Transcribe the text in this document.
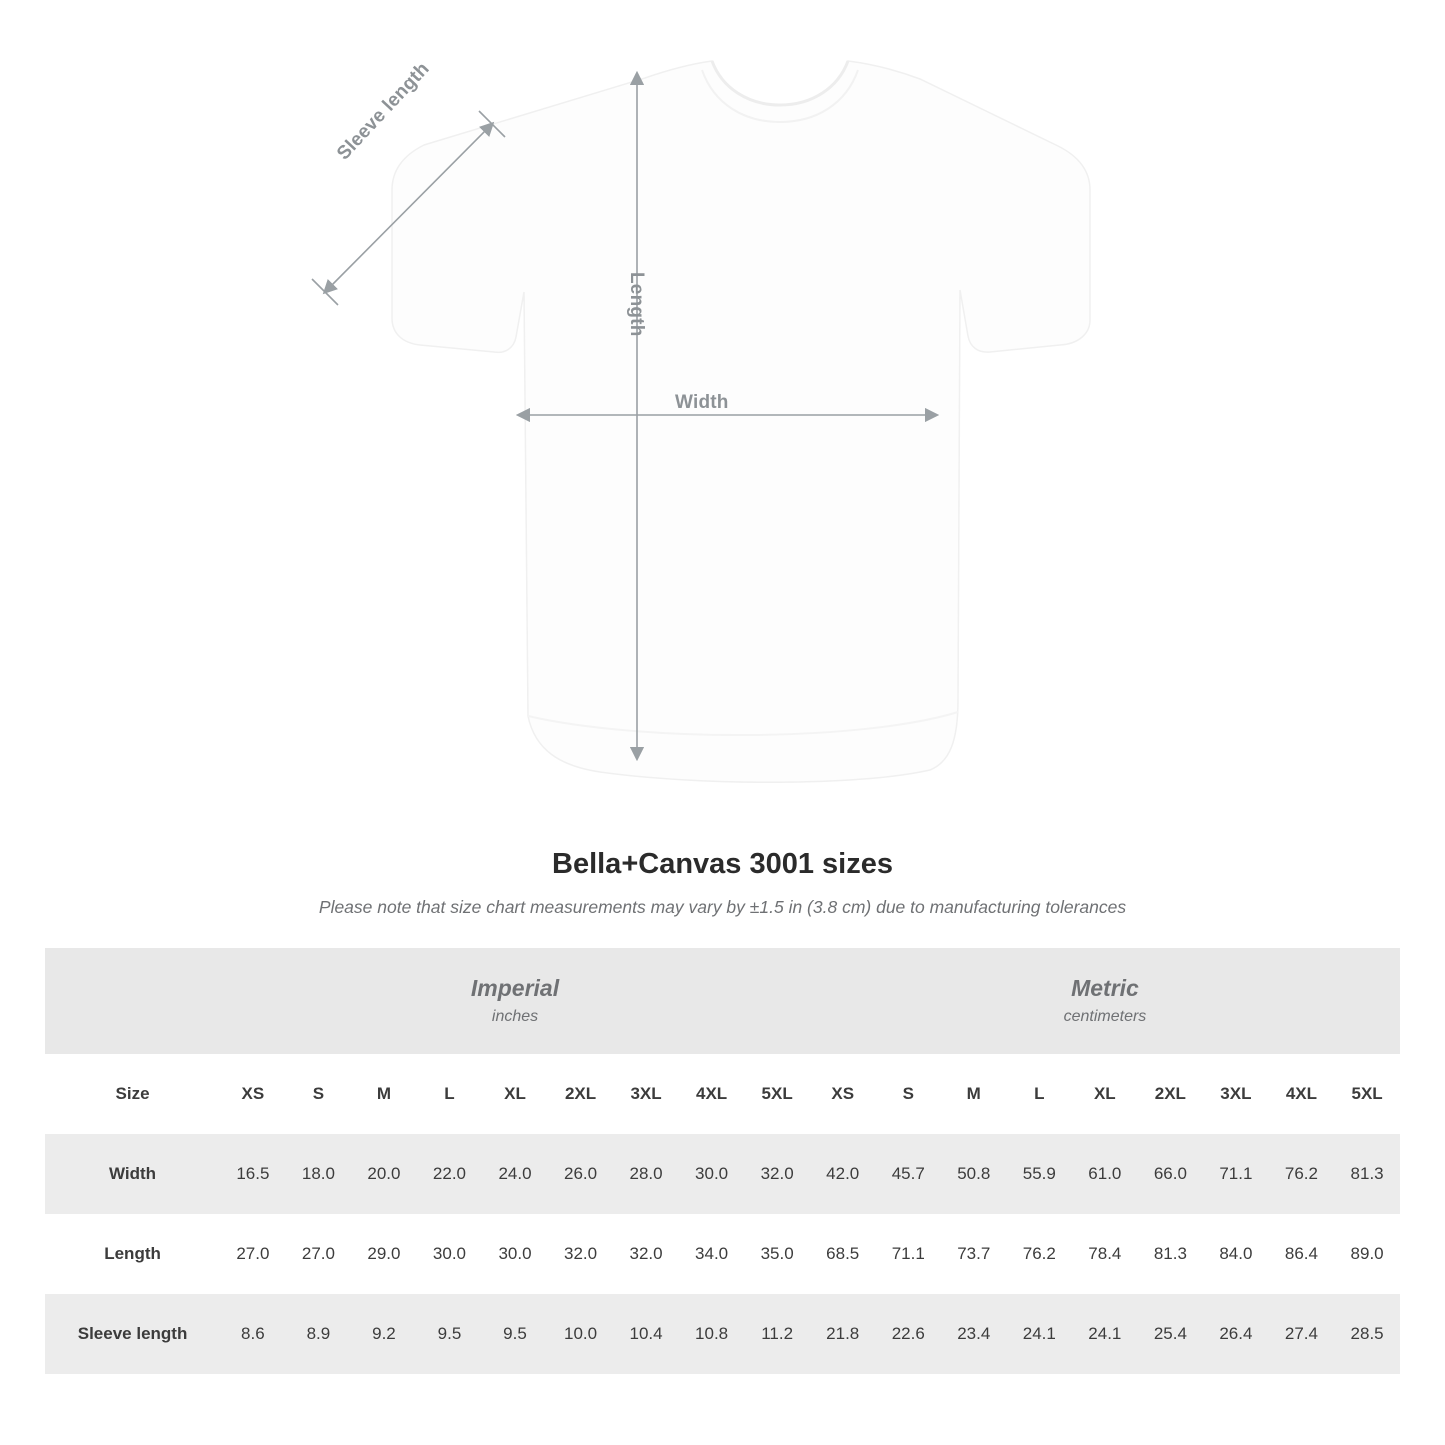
Sleeve length
Length
Width
Bella+Canvas 3001 sizes

Please note that size chart measurements may vary by ±1.5 in (3.8 cm) due to manufacturing tolerances

Imperial
inches

Metric
centimeters

Size	XS	S	M	L	XL	2XL	3XL	4XL	5XL	XS	S	M	L	XL	2XL	3XL	4XL	5XL
Width	16.5	18.0	20.0	22.0	24.0	26.0	28.0	30.0	32.0	42.0	45.7	50.8	55.9	61.0	66.0	71.1	76.2	81.3
Length	27.0	27.0	29.0	30.0	30.0	32.0	32.0	34.0	35.0	68.5	71.1	73.7	76.2	78.4	81.3	84.0	86.4	89.0
Sleeve length	8.6	8.9	9.2	9.5	9.5	10.0	10.4	10.8	11.2	21.8	22.6	23.4	24.1	24.1	25.4	26.4	27.4	28.5
